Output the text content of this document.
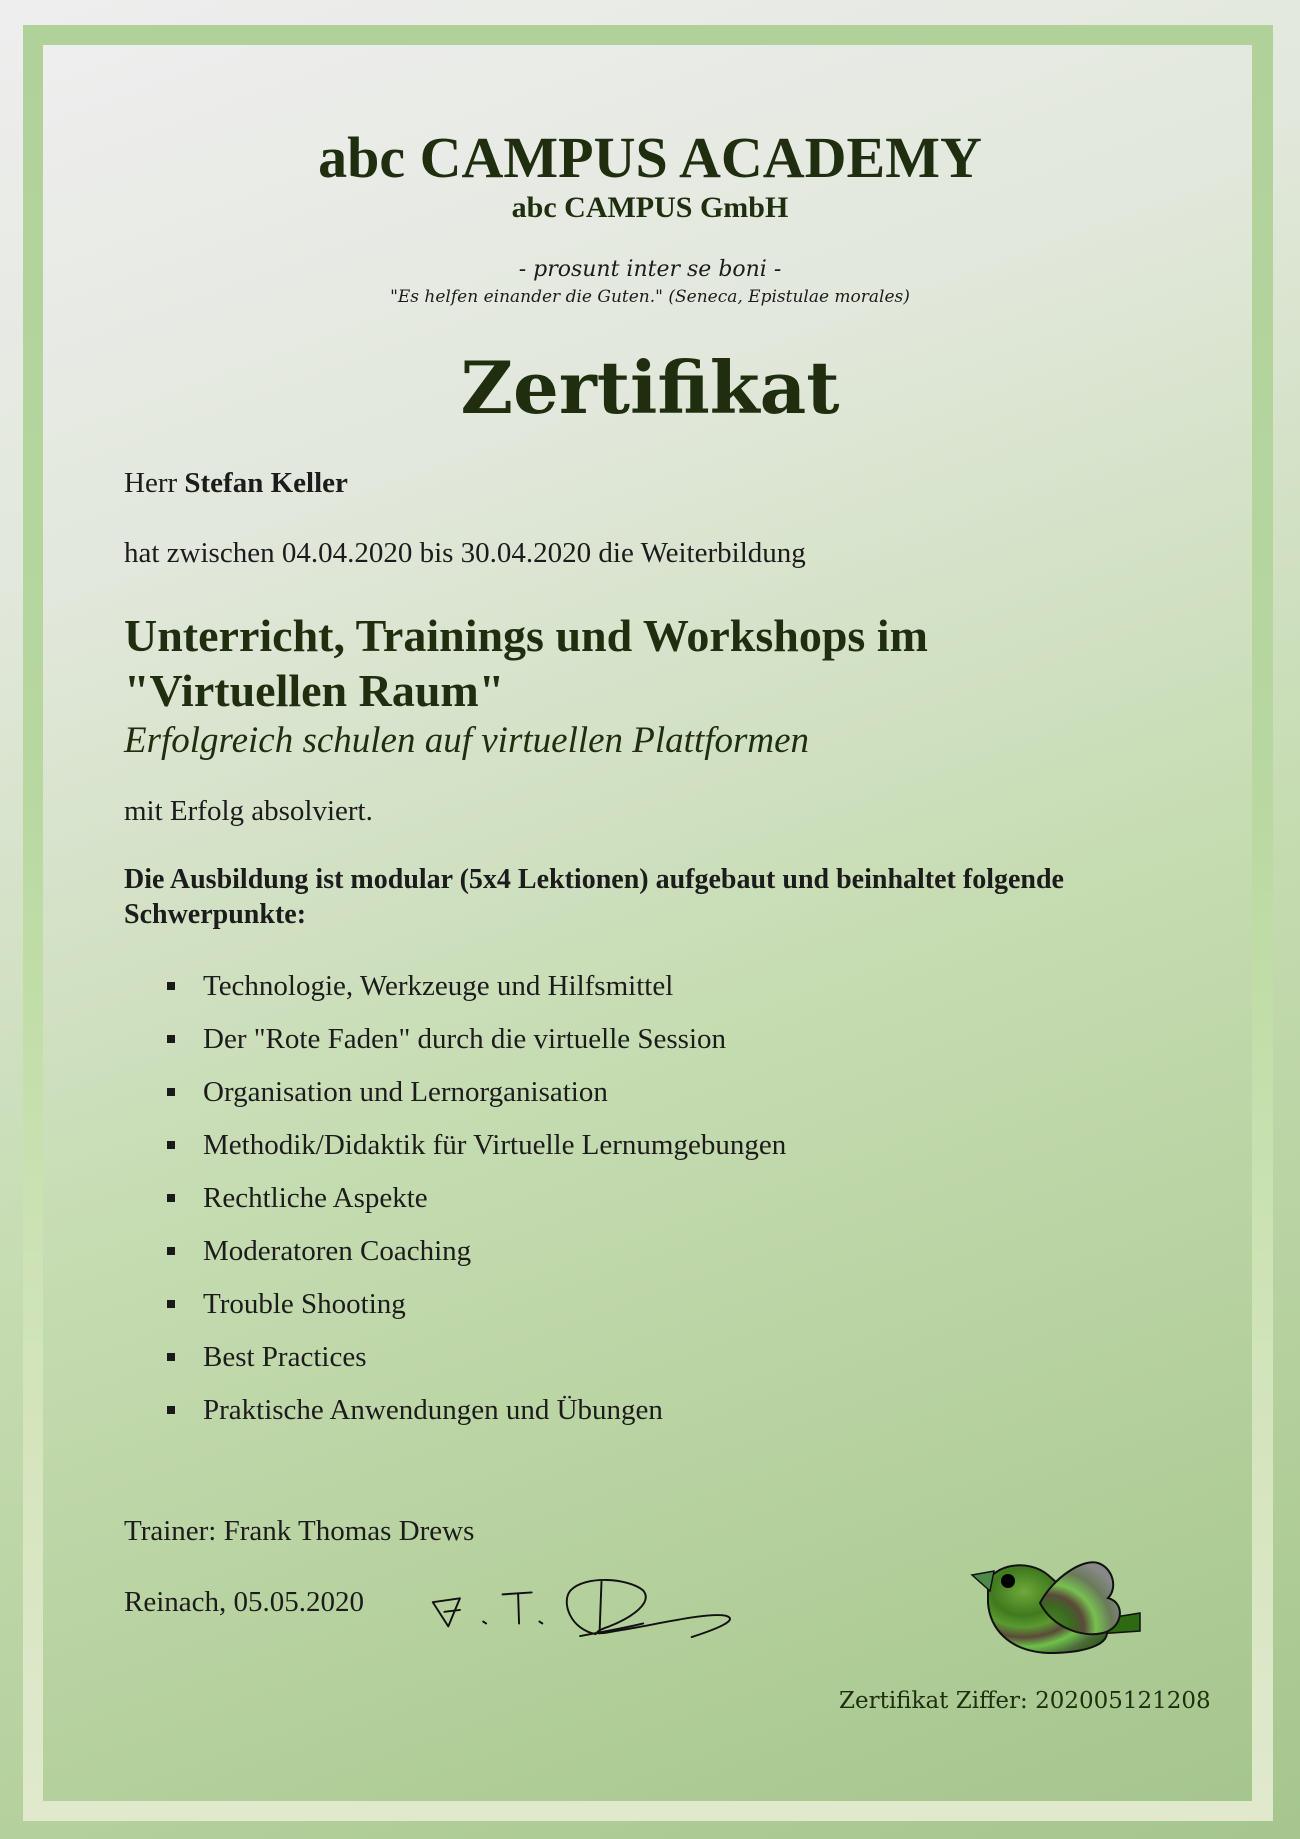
abc CAMPUS ACADEMY
abc CAMPUS GmbH
- prosunt inter se boni -
"Es helfen einander die Guten." (Seneca, Epistulae morales)
Zertifikat
Herr Stefan Keller
hat zwischen 04.04.2020 bis 30.04.2020 die Weiterbildung
Unterricht, Trainings und Workshops im "Virtuellen Raum"
Erfolgreich schulen auf virtuellen Plattformen
mit Erfolg absolviert.
Die Ausbildung ist modular (5x4 Lektionen) aufgebaut und beinhaltet folgende Schwerpunkte:
Technologie, Werkzeuge und Hilfsmittel
Der "Rote Faden" durch die virtuelle Session
Organisation und Lernorganisation
Methodik/Didaktik für Virtuelle Lernumgebungen
Rechtliche Aspekte
Moderatoren Coaching
Trouble Shooting
Best Practices
Praktische Anwendungen und Übungen
Trainer: Frank Thomas Drews
Reinach, 05.05.2020
Zertifikat Ziffer: 202005121208
